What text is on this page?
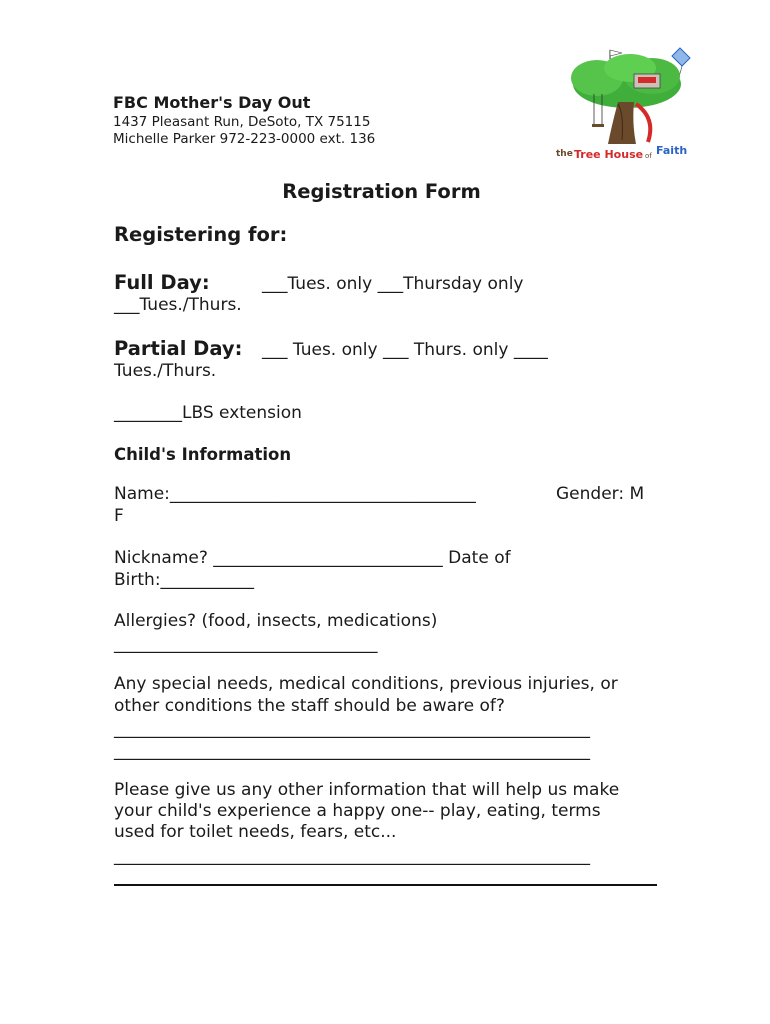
FBC Mother's Day Out
1437 Pleasant Run, DeSoto, TX 75115
Michelle Parker 972-223-0000 ext. 136
the Tree House of Faith
Registration Form
Registering for:
Full Day:	___Tues. only ___Thursday only
___Tues./Thurs.
Partial Day: ___ Tues. only ___ Thurs. only ____
Tues./Thurs.
________LBS extension
Child's Information
Name:____________________________________	Gender: M
F
Nickname? ___________________________ Date of
Birth:___________
Allergies? (food, insects, medications)
_______________________________
Any special needs, medical conditions, previous injuries, or
other conditions the staff should be aware of?
________________________________________________________
________________________________________________________
Please give us any other information that will help us make
your child's experience a happy one-- play, eating, terms
used for toilet needs, fears, etc...
________________________________________________________
